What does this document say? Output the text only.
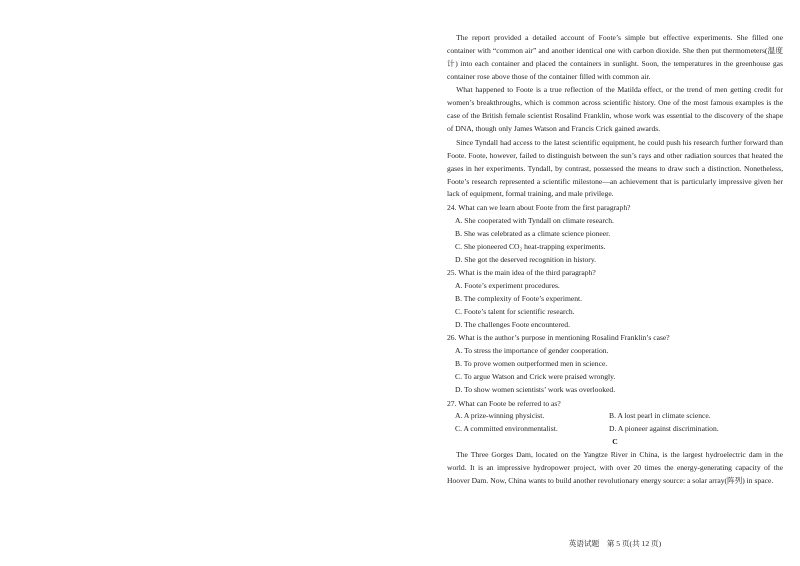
The report provided a detailed account of Foote’s simple but effective experiments. She filled one container with “common air” and another identical one with carbon dioxide. She then put thermometers(温度计) into each container and placed the containers in sunlight. Soon, the temperatures in the greenhouse gas container rose above those of the container filled with common air.

What happened to Foote is a true reflection of the Matilda effect, or the trend of men getting credit for women’s breakthroughs, which is common across scientific history. One of the most famous examples is the case of the British female scientist Rosalind Franklin, whose work was essential to the discovery of the shape of DNA, though only James Watson and Francis Crick gained awards.

Since Tyndall had access to the latest scientific equipment, he could push his research further forward than Foote. Foote, however, failed to distinguish between the sun’s rays and other radiation sources that heated the gases in her experiments. Tyndall, by contrast, possessed the means to draw such a distinction. Nonetheless, Foote’s research represented a scientific milestone—an achievement that is particularly impressive given her lack of equipment, formal training, and male privilege.

24. What can we learn about Foote from the first paragraph?

A. She cooperated with Tyndall on climate research.

B. She was celebrated as a climate science pioneer.

C. She pioneered CO₂ heat-trapping experiments.

D. She got the deserved recognition in history.

25. What is the main idea of the third paragraph?

A. Foote’s experiment procedures.

B. The complexity of Foote’s experiment.

C. Foote’s talent for scientific research.

D. The challenges Foote encountered.

26. What is the author’s purpose in mentioning Rosalind Franklin’s case?

A. To stress the importance of gender cooperation.

B. To prove women outperformed men in science.

C. To argue Watson and Crick were praised wrongly.

D. To show women scientists’ work was overlooked.

27. What can Foote be referred to as?

A. A prize-winning physicist.	B. A lost pearl in climate science.
C. A committed environmentalist.	D. A pioneer against discrimination.

C

The Three Gorges Dam, located on the Yangtze River in China, is the largest hydroelectric dam in the world. It is an impressive hydropower project, with over 20 times the energy-generating capacity of the Hoover Dam. Now, China wants to build another revolutionary energy source: a solar array(阵列) in space.

英语试题　第 5 页(共 12 页)
